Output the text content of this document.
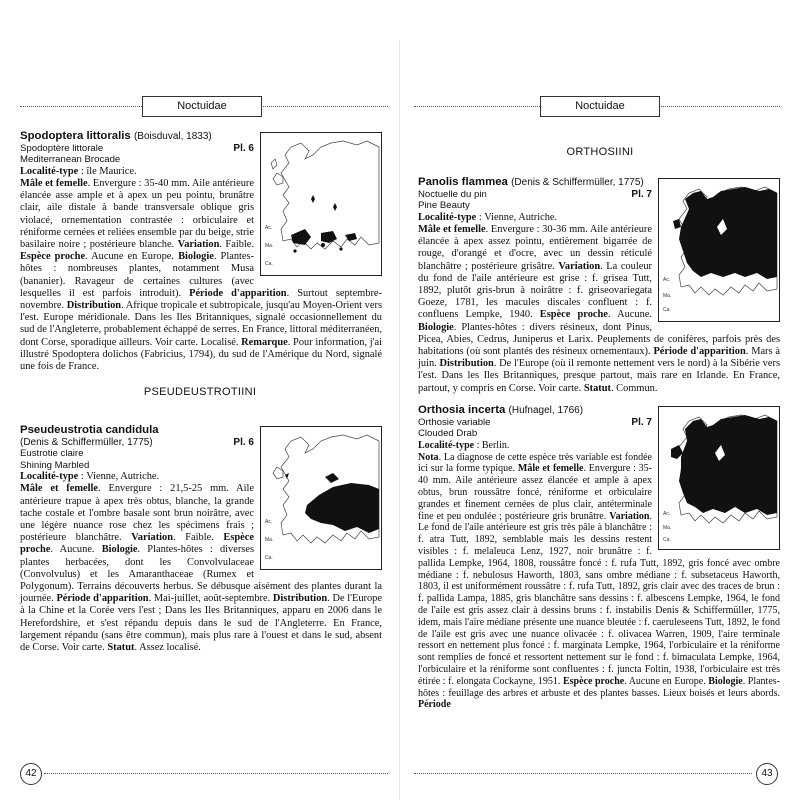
Noctuidae
Ac.
Ma.
Ca.
Spodoptera littoralis (Boisduval, 1833)
Pl. 6
Spodoptère littorale
Mediterranean Brocade
Localité-type : île Maurice.
Mâle et femelle. Envergure : 35-40 mm. Aile antérieure élancée asse ample et à apex un peu pointu, brunâtre clair, aile distale à bande transversale oblique gris violacé, ornementation contrastée : orbiculaire et réniforme cernées et reliées ensemble par du beige, strie basilaire noire ; postérieure blanche. Variation. Faible. Espèce proche. Aucune en Europe. Biologie. Plantes-hôtes : nombreuses plantes, notamment Musa (bananier). Ravageur de certaines cultures (avec lesquelles il est parfois introduit). Période d'apparition. Surtout septembre-novembre. Distribution. Afrique tropicale et subtropicale, jusqu'au Moyen-Orient vers l'est. Europe méridionale. Dans les Iles Britanniques, signalé occasionnellement du sud de l'Angleterre, probablement échappé de serres. En France, littoral méditerranéen, dont Corse, sporadique ailleurs. Voir carte. Localisé. Remarque. Pour information, j'ai illustré Spodoptera dolichos (Fabricius, 1794), du sud de l'Amérique du Nord, signalé une fois de France.
PSEUDEUSTROTIINI
Ac.
Ma.
Ca.
Pseudeustrotia candidula
Pl. 6
(Denis & Schiffermüller, 1775)
Eustrotie claire
Shining Marbled
Localité-type : Vienne, Autriche.
Mâle et femelle. Envergure : 21,5-25 mm. Aile antérieure trapue à apex très obtus, blanche, la grande tache costale et l'ombre basale sont brun noirâtre, avec une légère nuance rose chez les spécimens frais ; postérieure blanchâtre. Variation. Faible. Espèce proche. Aucune. Biologie. Plantes-hôtes : diverses plantes herbacées, dont les Convolvulaceae (Convolvulus) et les Amaranthaceae (Rumex et Polygonum). Terrains découverts herbus. Se débusque aisément des plantes durant la journée. Période d'apparition. Mai-juillet, août-septembre. Distribution. De l'Europe à la Chine et la Corée vers l'est ; Dans les Iles Britanniques, apparu en 2006 dans le Herefordshire, et s'est répandu depuis dans le sud de l'Angleterre. En France, largement répandu (sans être commun), mais plus rare à l'ouest et dans le sud, absent de Corse. Voir carte. Statut. Assez localisé.
42
Noctuidae
ORTHOSIINI
Ac.
Ma.
Ca.
Panolis flammea (Denis & Schiffermüller, 1775)
Pl. 7
Noctuelle du pin
Pine Beauty
Localité-type : Vienne, Autriche.
Mâle et femelle. Envergure : 30-36 mm. Aile antérieure élancée à apex assez pointu, entièrement bigarrée de rouge, d'orangé et d'ocre, avec un dessin réticulé blanchâtre ; postérieure grisâtre. Variation. La couleur du fond de l'aile antérieure est grise : f. grisea Tutt, 1892, plutôt gris-brun à noirâtre : f. griseovariegata Goeze, 1781, les macules discales confluent : f. confluens Lempke, 1940. Espèce proche. Aucune. Biologie. Plantes-hôtes : divers résineux, dont Pinus, Picea, Abies, Cedrus, Juniperus et Larix. Peuplements de conifères, parfois près des habitations (où sont plantés des résineux ornementaux). Période d'apparition. Mars à juin. Distribution. De l'Europe (où il remonte nettement vers le nord) à la Sibérie vers l'est. Dans les Iles Britanniques, presque partout, mais rare en Irlande. En France, partout, y compris en Corse. Voir carte. Statut. Commun.
Ac.
Ma.
Ca.
Orthosia incerta (Hufnagel, 1766)
Pl. 7
Orthosie variable
Clouded Drab
Localité-type : Berlin.
Nota. La diagnose de cette espèce très variable est fondée ici sur la forme typique. Mâle et femelle. Envergure : 35-40 mm. Aile antérieure assez élancée et ample à apex obtus, brun roussâtre foncé, réniforme et orbiculaire grandes et finement cernées de plus clair, antéterminale fine et peu ondulée ; postérieure gris brunâtre. Variation. Le fond de l'aile antérieure est gris très pâle à blanchâtre : f. atra Tutt, 1892, semblable mais les dessins restent visibles : f. melaleuca Lenz, 1927, noir brunâtre : f. pallida Lempke, 1964, 1808, roussâtre foncé : f. rufa Tutt, 1892, gris foncé avec ombre médiane : f. nebulosus Haworth, 1803, sans ombre médiane : f. subsetaceus Haworth, 1803, il est uniformément roussâtre : f. rufa Tutt, 1892, gris clair avec des traces de brun : f. pallida Lampa, 1885, gris blanchâtre sans dessins : f. albescens Lempke, 1964, le fond de l'aile est gris assez clair à dessins bruns : f. instabilis Denis & Schiffermüller, 1775, idem, mais l'aire médiane présente une nuance bleutée : f. caeruleseens Tutt, 1892, le fond de l'aile est gris avec une nuance olivacée : f. olivacea Warren, 1909, l'aire terminale ressort en nettement plus foncé : f. marginata Lempke, 1964, l'orbiculaire et la réniforme sont remplies de foncé et ressortent nettement sur le fond : f. bimaculata Lempke, 1964, l'orbiculaire et la réniforme sont confluentes : f. juncta Foltin, 1938, l'orbiculaire est très étirée : f. elongata Cockayne, 1951. Espèce proche. Aucune en Europe. Biologie. Plantes-hôtes : feuillage des arbres et arbuste et des plantes basses. Lieux boisés et leurs abords. Période
43
